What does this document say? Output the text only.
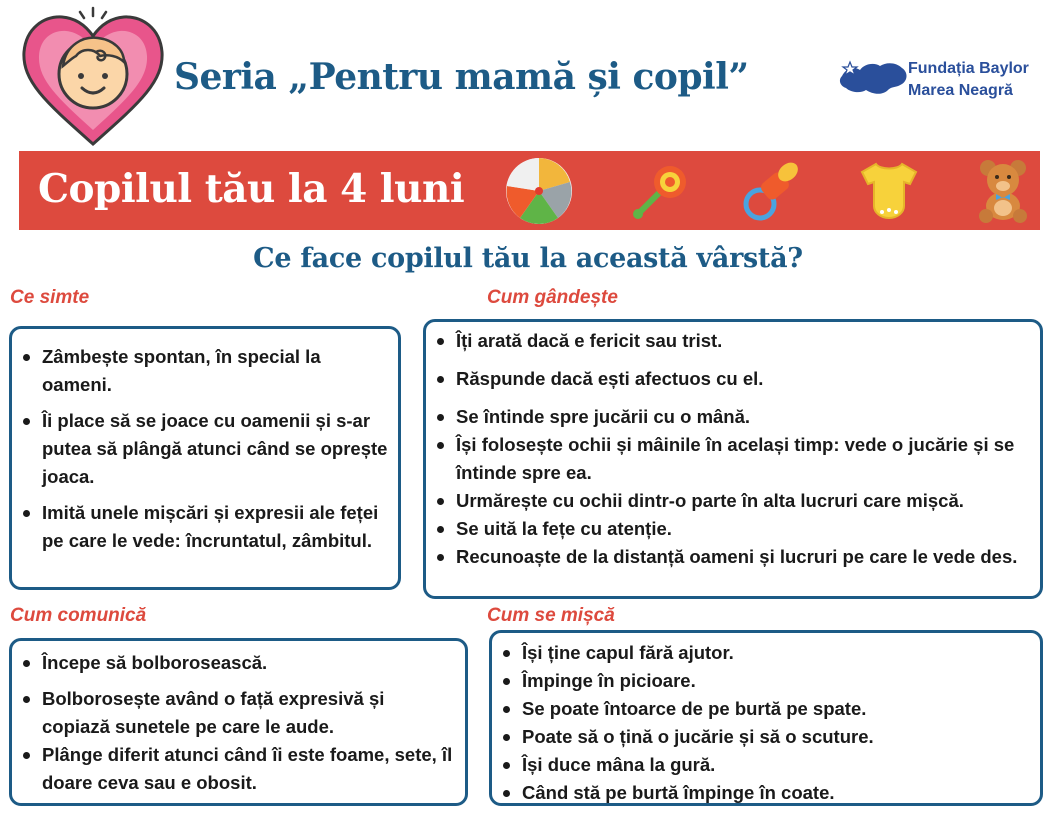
Seria „Pentru mamă și copil”	Fundația Baylor
Marea Neagră
Copilul tău la 4 luni
Ce face copilul tău la această vârstă?
Ce simte
Zâmbește spontan, în special la oameni.
Îi place să se joace cu oamenii și s-ar putea să plângă atunci când se oprește joaca.
Imită unele mișcări și expresii ale feței pe care le vede: încruntatul, zâmbitul.
Cum gândește
Îți arată dacă e fericit sau trist.
Răspunde dacă ești afectuos cu el.
Se întinde spre jucării cu o mână.
Își folosește ochii și mâinile în același timp: vede o jucărie și se întinde spre ea.
Urmărește cu ochii dintr-o parte în alta lucruri care mișcă.
Se uită la fețe cu atenție.
Recunoaște de la distanță oameni și lucruri pe care le vede des.
Cum comunică
Începe să bolborosească.
Bolborosește având o față expresivă și copiază sunetele pe care le aude.
Plânge diferit atunci când îi este foame, sete, îl doare ceva sau e obosit.
Cum se mișcă
Își ține capul fără ajutor.
Împinge în picioare.
Se poate întoarce de pe burtă pe spate.
Poate să o țină o jucărie și să o scuture.
Își duce mâna la gură.
Când stă pe burtă împinge în coate.
